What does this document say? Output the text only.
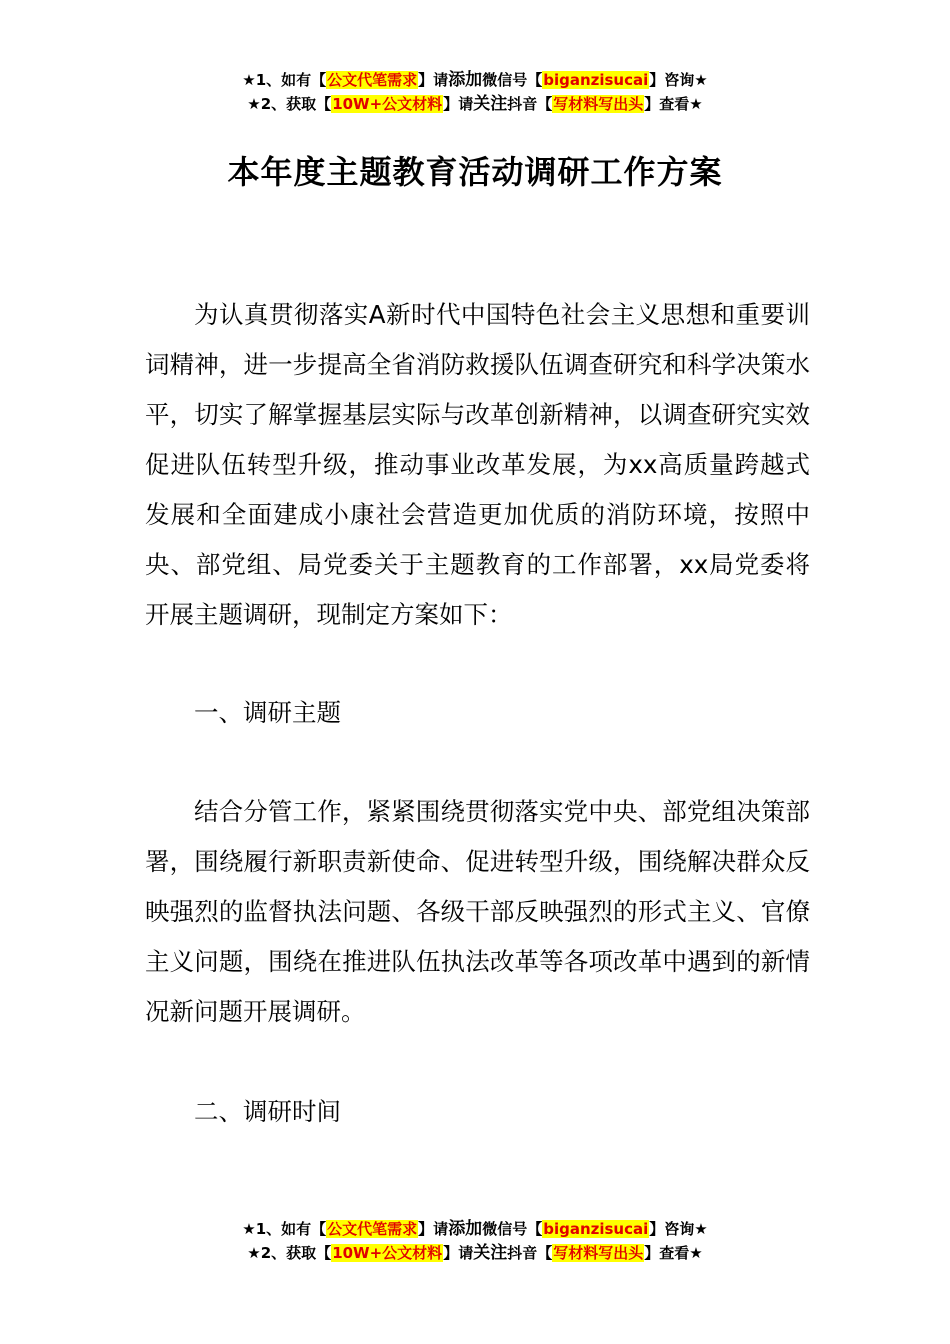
★1、如有【公文代笔需求】请添加微信号【biganzisucai】咨询★
★2、获取【10W+公文材料】请关注抖音【写材料写出头】查看★
本年度主题教育活动调研工作方案

为认真贯彻落实A新时代中国特色社会主义思想和重要训词精神，进一步提高全省消防救援队伍调查研究和科学决策水平，切实了解掌握基层实际与改革创新精神，以调查研究实效促进队伍转型升级，推动事业改革发展，为xx高质量跨越式发展和全面建成小康社会营造更加优质的消防环境，按照中央、部党组、局党委关于主题教育的工作部署，xx局党委将开展主题调研，现制定方案如下：

一、调研主题

结合分管工作，紧紧围绕贯彻落实党中央、部党组决策部署，围绕履行新职责新使命、促进转型升级，围绕解决群众反映强烈的监督执法问题、各级干部反映强烈的形式主义、官僚主义问题，围绕在推进队伍执法改革等各项改革中遇到的新情况新问题开展调研。

二、调研时间

★1、如有【公文代笔需求】请添加微信号【biganzisucai】咨询★
★2、获取【10W+公文材料】请关注抖音【写材料写出头】查看★
